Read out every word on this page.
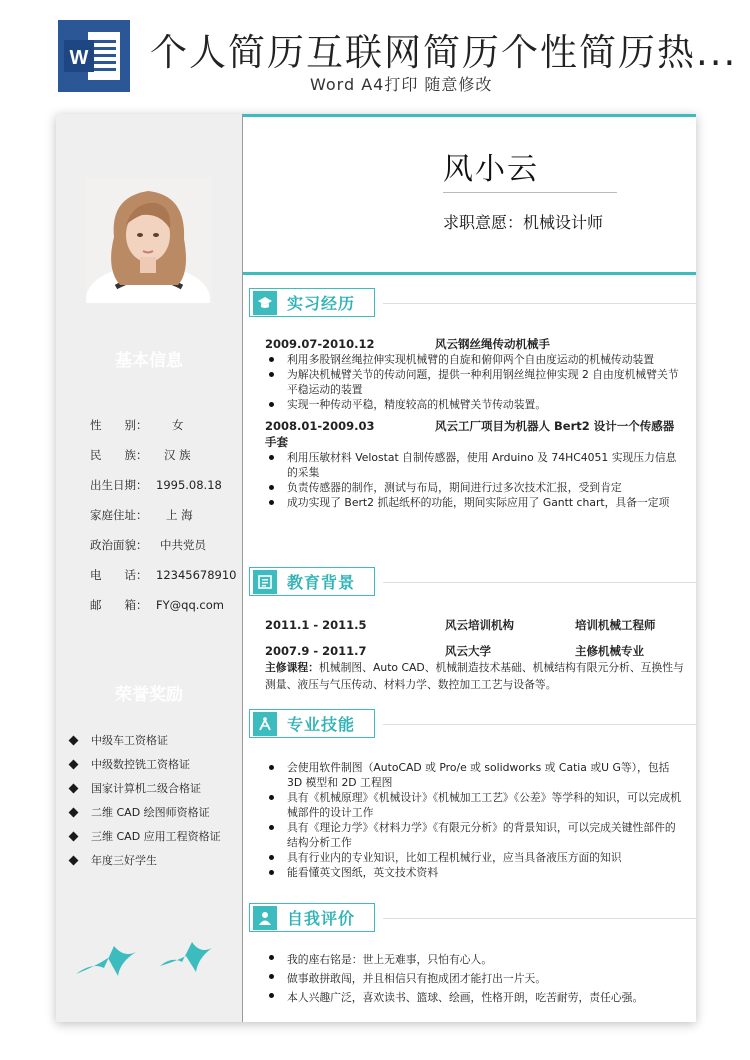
W 个人简历互联网简历个性简历热...
Word A4打印 随意修改
基本信息
性　　别：	女
民　　族：	汉 族
出生日期： 1995.08.18
家庭住址：	上 海
政治面貌：	中共党员
电　　话： 12345678910
邮　　箱： FY@qq.com
荣誉奖励
中级车工资格证
中级数控铣工资格证
国家计算机二级合格证
二维 CAD 绘图师资格证
三维 CAD 应用工程资格证
年度三好学生
风小云
求职意愿：机械设计师
实习经历
2009.07-2010.12	风云钢丝绳传动机械手
利用多股钢丝绳拉伸实现机械臂的自旋和俯仰两个自由度运动的机械传动装置
为解决机械臂关节的传动问题，提供一种利用钢丝绳拉伸实现 2 自由度机械臂关节平稳运动的装置
实现一种传动平稳，精度较高的机械臂关节传动装置。
2008.01-2009.03	风云工厂项目为机器人 Bert2 设计一个传感器手套
利用压敏材料 Velostat 自制传感器，使用 Arduino 及 74HC4051 实现压力信息的采集
负责传感器的制作，测试与布局，期间进行过多次技术汇报，受到肯定
成功实现了 Bert2 抓起纸杯的功能，期间实际应用了 Gantt chart，具备一定项
教育背景
2011.1 - 2011.5	风云培训机构	培训机械工程师
2007.9 - 2011.7	风云大学	主修机械专业
主修课程：机械制图、Auto CAD、机械制造技术基础、机械结构有限元分析、互换性与测量、液压与气压传动、材料力学、数控加工工艺与设备等。
专业技能
会使用软件制图（AutoCAD 或 Pro/e 或 solidworks 或 Catia 或U G等），包括 3D 模型和 2D 工程图
具有《机械原理》《机械设计》《机械加工工艺》《公差》等学科的知识，可以完成机械部件的设计工作
具有《理论力学》《材料力学》《有限元分析》的背景知识，可以完成关键性部件的结构分析工作
具有行业内的专业知识，比如工程机械行业，应当具备液压方面的知识
能看懂英文图纸，英文技术资料
自我评价
我的座右铭是：世上无难事，只怕有心人。
做事敢拼敢闯，并且相信只有抱成团才能打出一片天。
本人兴趣广泛，喜欢读书、篮球、绘画，性格开朗，吃苦耐劳，责任心强。
